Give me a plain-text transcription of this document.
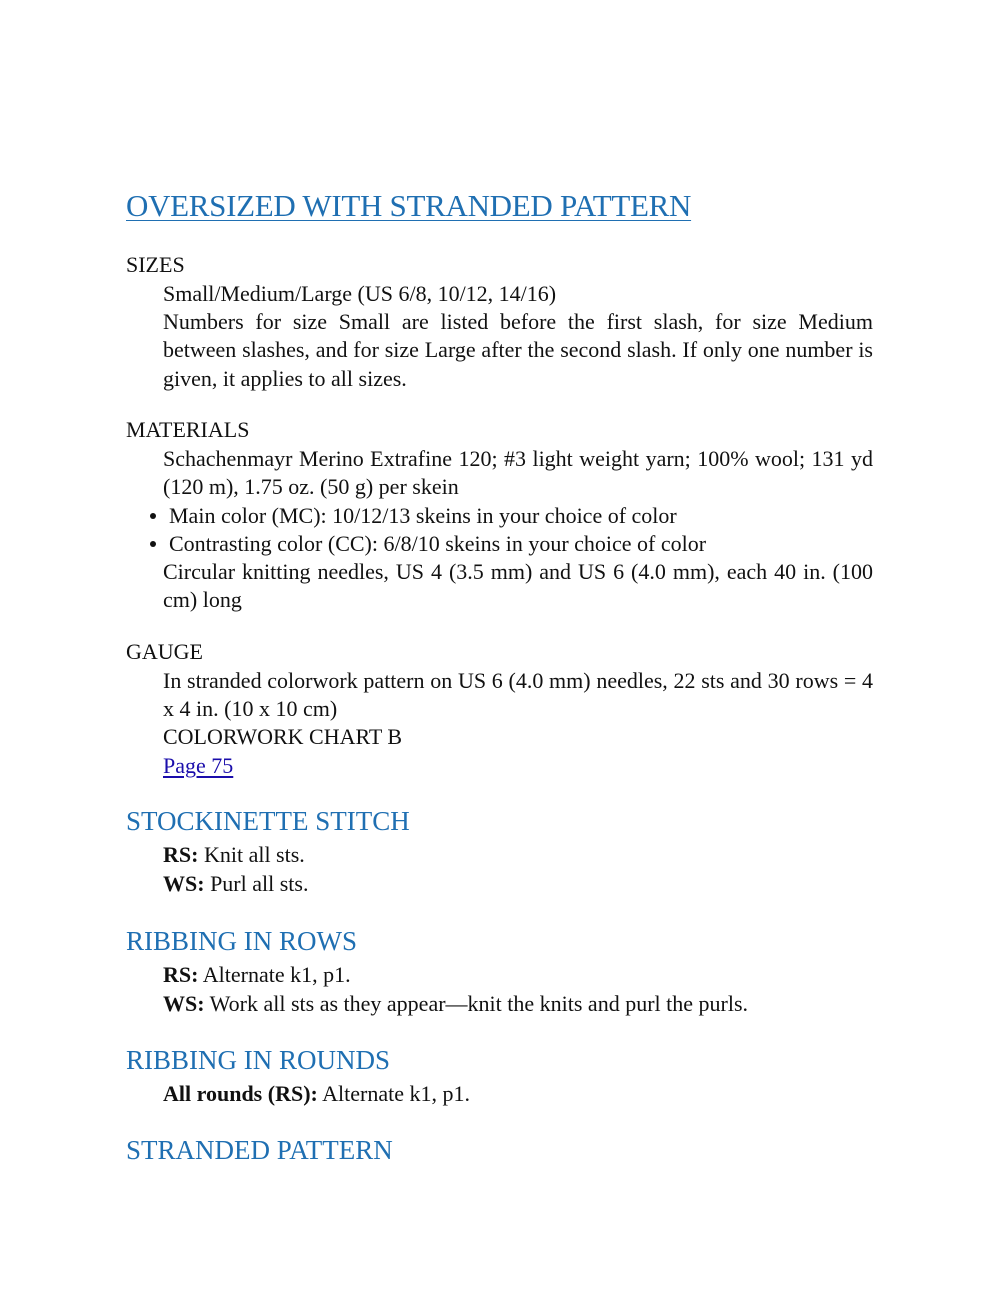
OVERSIZED WITH STRANDED PATTERN
SIZES
Small/Medium/Large (US 6/8, 10/12, 14/16)
Numbers for size Small are listed before the first slash, for size Medium between slashes, and for size Large after the second slash. If only one number is given, it applies to all sizes.
MATERIALS
Schachenmayr Merino Extrafine 120; #3 light weight yarn; 100% wool; 131 yd (120 m), 1.75 oz. (50 g) per skein
Main color (MC): 10/12/13 skeins in your choice of color
Contrasting color (CC): 6/8/10 skeins in your choice of color
Circular knitting needles, US 4 (3.5 mm) and US 6 (4.0 mm), each 40 in. (100 cm) long
GAUGE
In stranded colorwork pattern on US 6 (4.0 mm) needles, 22 sts and 30 rows = 4 x 4 in. (10 x 10 cm)
COLORWORK CHART B
Page 75
STOCKINETTE STITCH
RS: Knit all sts.
WS: Purl all sts.
RIBBING IN ROWS
RS: Alternate k1, p1.
WS: Work all sts as they appear—knit the knits and purl the purls.
RIBBING IN ROUNDS
All rounds (RS): Alternate k1, p1.
STRANDED PATTERN
